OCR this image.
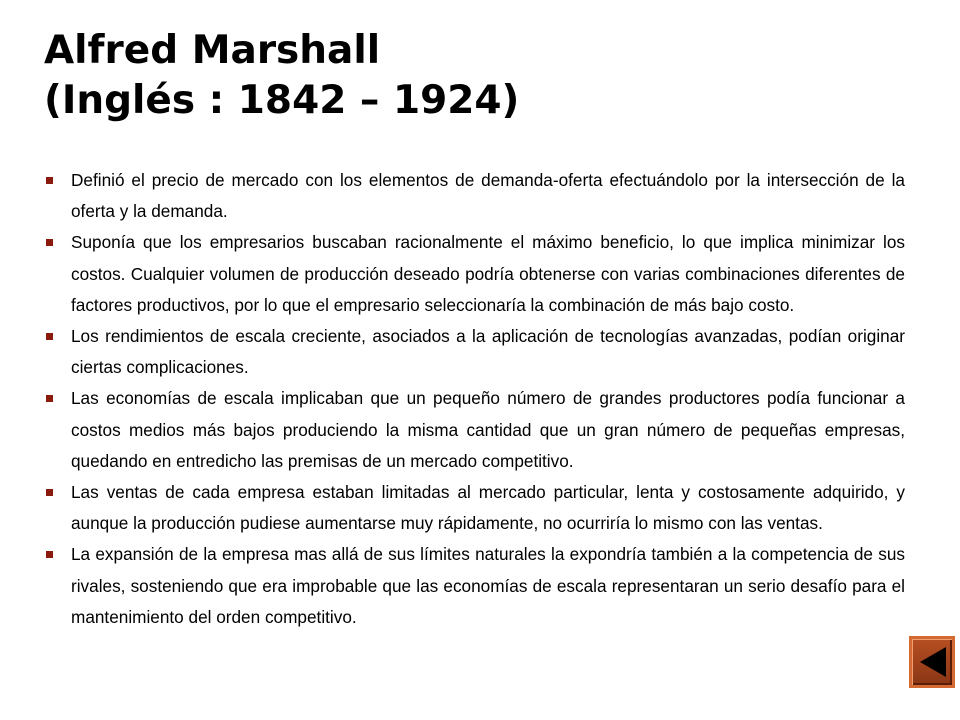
Alfred Marshall
(Inglés : 1842 – 1924)
Definió el precio de mercado con los elementos de demanda-oferta efectuándolo por la intersección de la oferta y la demanda.
Suponía que los empresarios buscaban racionalmente el máximo beneficio, lo que implica minimizar los costos. Cualquier volumen de producción deseado podría obtenerse con varias combinaciones diferentes de factores productivos, por lo que el empresario seleccionaría la combinación de más bajo costo.
Los rendimientos de escala creciente, asociados a la aplicación de tecnologías avanzadas, podían originar ciertas complicaciones.
Las economías de escala implicaban que un pequeño número de grandes productores podía funcionar a costos medios más bajos produciendo la misma cantidad que un gran número de pequeñas empresas, quedando en entredicho las premisas de un mercado competitivo.
Las ventas de cada empresa estaban limitadas al mercado particular, lenta y costosamente adquirido, y aunque la producción pudiese aumentarse muy rápidamente, no ocurriría lo mismo con las ventas.
La expansión de la empresa mas allá de sus límites naturales la expondría también a la competencia de sus rivales, sosteniendo que era improbable que las economías de escala representaran un serio desafío para el mantenimiento del orden competitivo.
